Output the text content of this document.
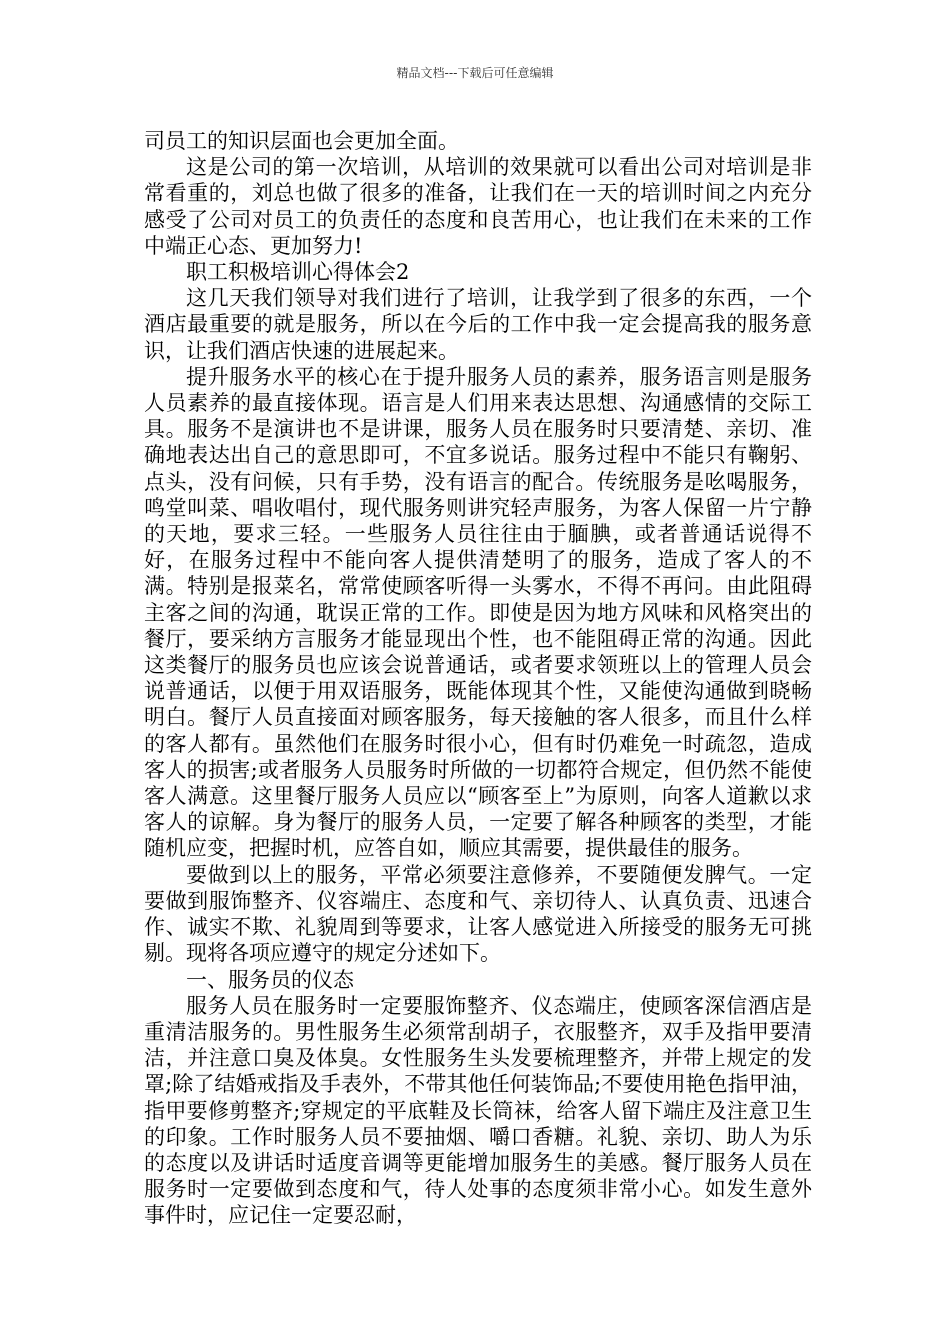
精品文档---下载后可任意编辑

司员工的知识层面也会更加全面。

这是公司的第一次培训，从培训的效果就可以看出公司对培训是非常看重的，刘总也做了很多的准备，让我们在一天的培训时间之内充分感受了公司对员工的负责任的态度和良苦用心，也让我们在未来的工作中端正心态、更加努力!

职工积极培训心得体会2

这几天我们领导对我们进行了培训，让我学到了很多的东西，一个酒店最重要的就是服务，所以在今后的工作中我一定会提高我的服务意识，让我们酒店快速的进展起来。

提升服务水平的核心在于提升服务人员的素养，服务语言则是服务人员素养的最直接体现。语言是人们用来表达思想、沟通感情的交际工具。服务不是演讲也不是讲课，服务人员在服务时只要清楚、亲切、准确地表达出自己的意思即可，不宜多说话。服务过程中不能只有鞠躬、点头，没有问候，只有手势，没有语言的配合。传统服务是吆喝服务，鸣堂叫菜、唱收唱付，现代服务则讲究轻声服务，为客人保留一片宁静的天地，要求三轻。一些服务人员往往由于腼腆，或者普通话说得不好，在服务过程中不能向客人提供清楚明了的服务，造成了客人的不满。特别是报菜名，常常使顾客听得一头雾水，不得不再问。由此阻碍主客之间的沟通，耽误正常的工作。即使是因为地方风味和风格突出的餐厅，要采纳方言服务才能显现出个性，也不能阻碍正常的沟通。因此这类餐厅的服务员也应该会说普通话，或者要求领班以上的管理人员会说普通话，以便于用双语服务，既能体现其个性，又能使沟通做到晓畅明白。餐厅人员直接面对顾客服务，每天接触的客人很多，而且什么样的客人都有。虽然他们在服务时很小心，但有时仍难免一时疏忽，造成客人的损害;或者服务人员服务时所做的一切都符合规定，但仍然不能使客人满意。这里餐厅服务人员应以“顾客至上”为原则，向客人道歉以求客人的谅解。身为餐厅的服务人员，一定要了解各种顾客的类型，才能随机应变，把握时机，应答自如，顺应其需要，提供最佳的服务。

要做到以上的服务，平常必须要注意修养，不要随便发脾气。一定要做到服饰整齐、仪容端庄、态度和气、亲切待人、认真负责、迅速合作、诚实不欺、礼貌周到等要求，让客人感觉进入所接受的服务无可挑剔。现将各项应遵守的规定分述如下。

一、服务员的仪态

服务人员在服务时一定要服饰整齐、仪态端庄，使顾客深信酒店是重清洁服务的。男性服务生必须常刮胡子，衣服整齐，双手及指甲要清洁，并注意口臭及体臭。女性服务生头发要梳理整齐，并带上规定的发罩;除了结婚戒指及手表外，不带其他任何装饰品;不要使用艳色指甲油，指甲要修剪整齐;穿规定的平底鞋及长筒袜，给客人留下端庄及注意卫生的印象。工作时服务人员不要抽烟、嚼口香糖。礼貌、亲切、助人为乐的态度以及讲话时适度音调等更能增加服务生的美感。餐厅服务人员在服务时一定要做到态度和气，待人处事的态度须非常小心。如发生意外事件时，应记住一定要忍耐，
